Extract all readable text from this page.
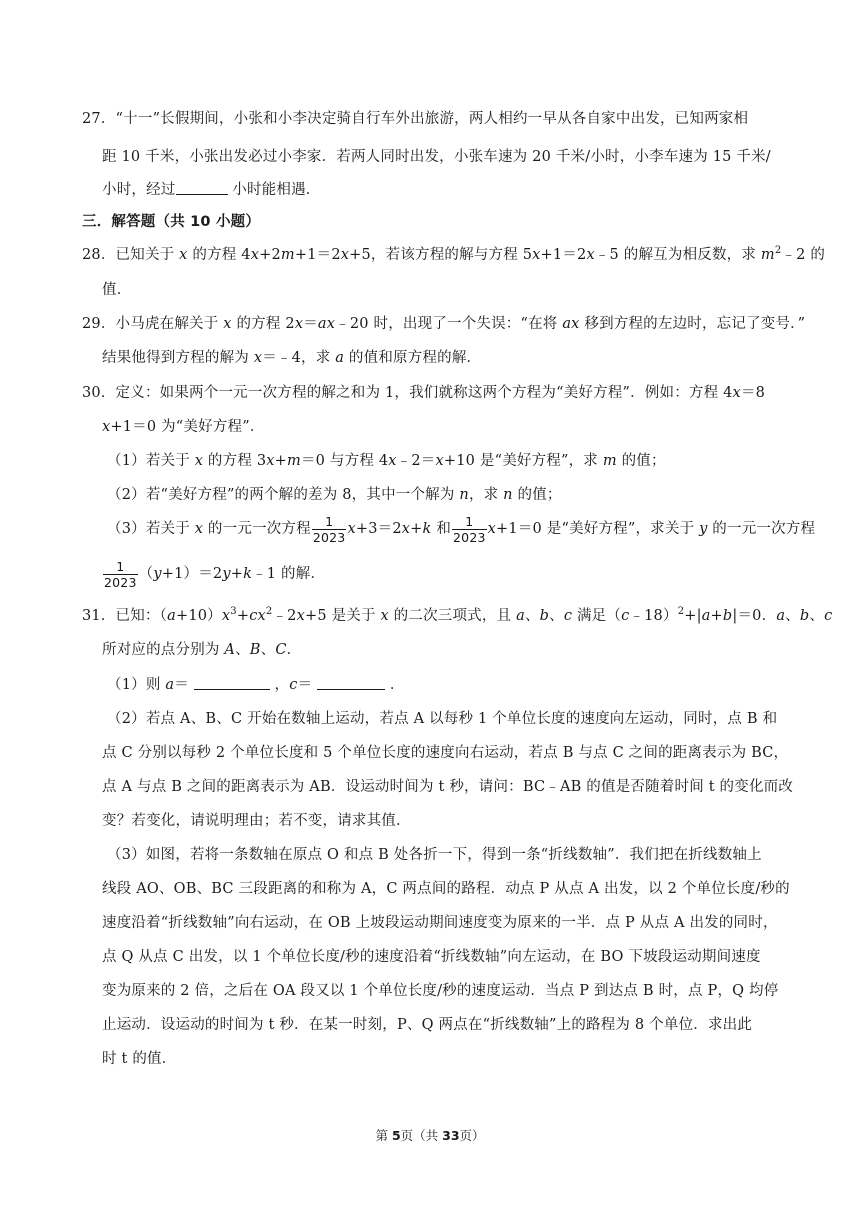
27．“十一”长假期间，小张和小李决定骑自行车外出旅游，两人相约一早从各自家中出发，已知两家相
距 10 千米，小张出发必过小李家．若两人同时出发，小张车速为 20 千米/小时，小李车速为 15 千米/
小时，经过	小时能相遇．
三．解答题（共 10 小题）
28．已知关于 x 的方程 4x+2m+1＝2x+5，若该方程的解与方程 5x+1＝2x﹣5 的解互为相反数，求 $m^2﹣2$ 的
值．
29．小马虎在解关于 x 的方程 2x＝ax﹣20 时，出现了一个失误：“在将 ax 移到方程的左边时，忘记了变号．”
结果他得到方程的解为 x＝﹣4，求 a 的值和原方程的解．
30．定义：如果两个一元一次方程的解之和为 1，我们就称这两个方程为“美好方程”．例如：方程 4x＝8
x+1＝0 为“美好方程”．
（1）若关于 x 的方程 3x+m＝0 与方程 4x﹣2＝x+10 是“美好方程”，求 m 的值；
（2）若“美好方程”的两个解的差为 8，其中一个解为 n，求 n 的值；
（3）若关于 x 的一元一次方程 $\frac{1}{2023} x+3=2x+k$ 和 $\frac{1}{2023} x+1=0$ 是“美好方程”，求关于 y 的一元一次方程
$\frac{1}{2023}$ （y+1）＝2y+k﹣1 的解．
31．已知：$(a+10)x^3+cx^2﹣2x+5$ 是关于 x 的二次三项式，且 a、b、c 满足（c﹣18）$^2$+|a+b|＝0．a、b、c
所对应的点分别为 A、B、C．
（1）则 a＝	，c＝	．
（2）若点 A、B、C 开始在数轴上运动，若点 A 以每秒 1 个单位长度的速度向左运动，同时，点 B 和
点 C 分别以每秒 2 个单位长度和 5 个单位长度的速度向右运动，若点 B 与点 C 之间的距离表示为 BC，
点 A 与点 B 之间的距离表示为 AB．设运动时间为 t 秒，请问：BC﹣AB 的值是否随着时间 t 的变化而改
变？若变化，请说明理由；若不变，请求其值．
（3）如图，若将一条数轴在原点 O 和点 B 处各折一下，得到一条“折线数轴”．我们把在折线数轴上
线段 AO、OB、BC 三段距离的和称为 A，C 两点间的路程．动点 P 从点 A 出发，以 2 个单位长度/秒的
速度沿着“折线数轴”向右运动，在 OB 上坡段运动期间速度变为原来的一半．点 P 从点 A 出发的同时，
点 Q 从点 C 出发，以 1 个单位长度/秒的速度沿着“折线数轴”向左运动，在 BO 下坡段运动期间速度
变为原来的 2 倍，之后在 OA 段又以 1 个单位长度/秒的速度运动．当点 P 到达点 B 时，点 P，Q 均停
止运动．设运动的时间为 t 秒．在某一时刻，P、Q 两点在“折线数轴”上的路程为 8 个单位．求出此
时 t 的值．
第 5页（共 33页）
